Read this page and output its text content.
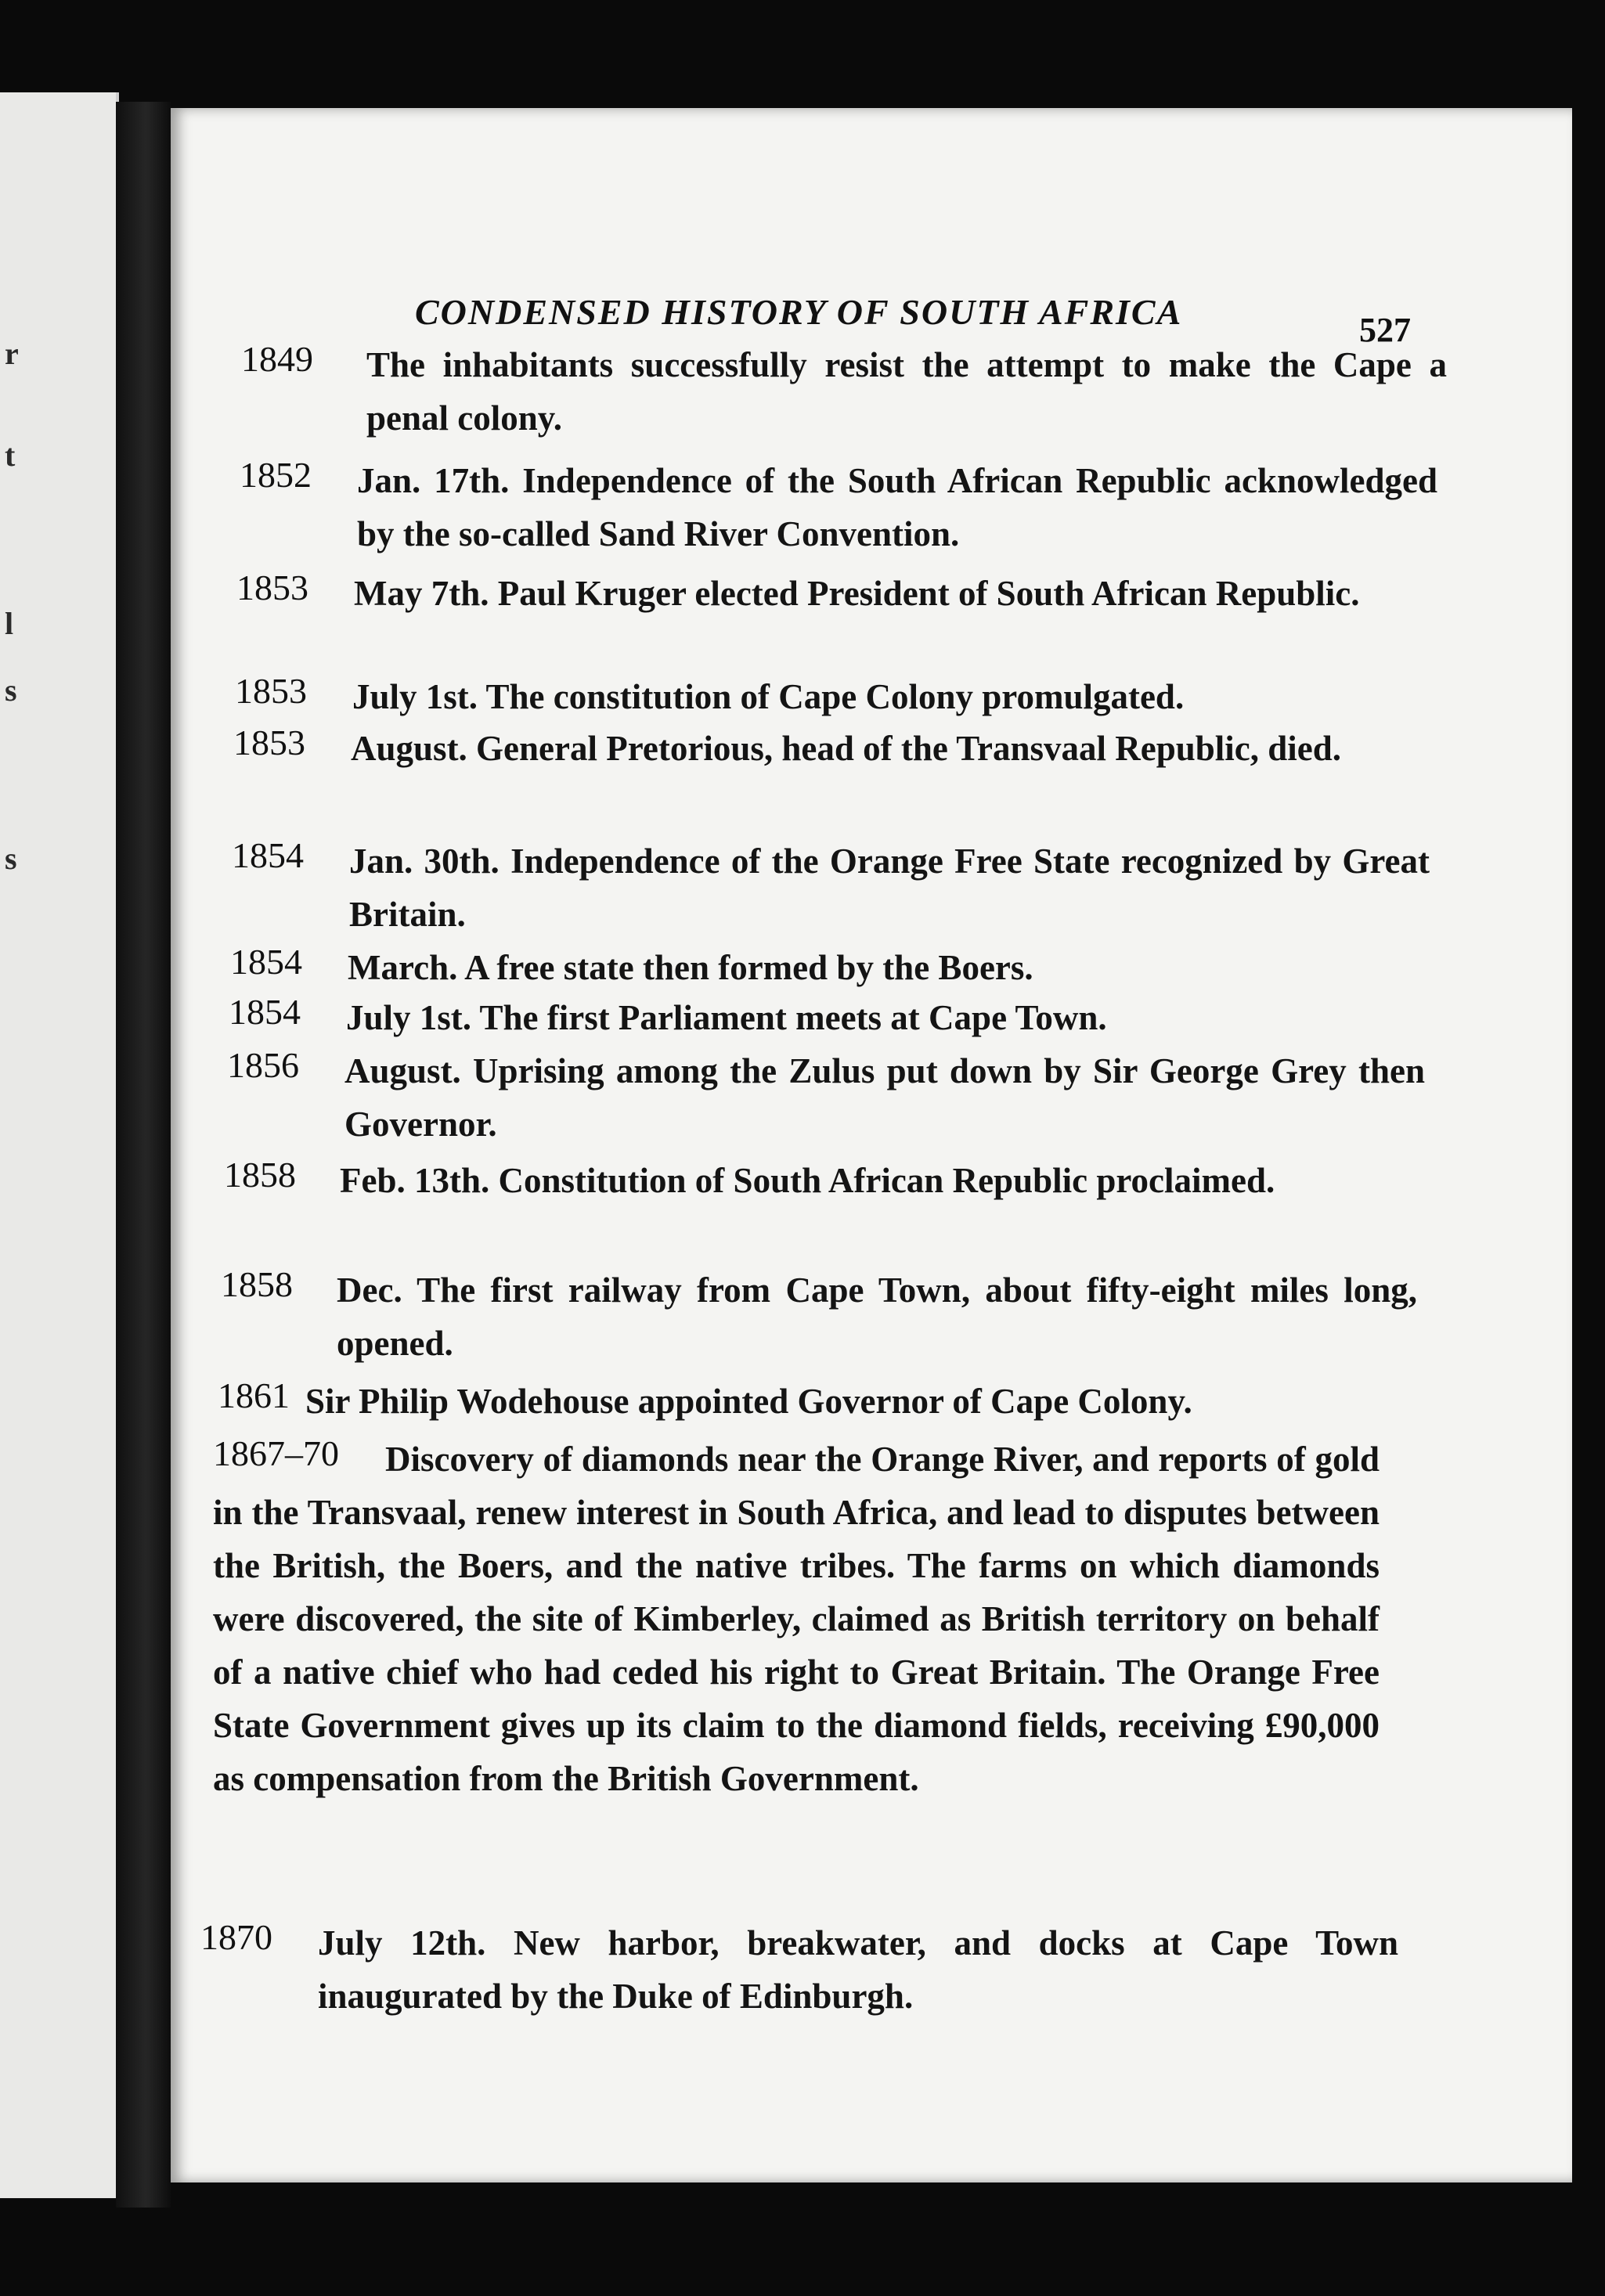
r
t
l
s
s
CONDENSED HISTORY OF SOUTH AFRICA	527
1849 The inhabitants successfully resist the attempt to make the Cape a penal colony.
1852 Jan. 17th. Independence of the South African Republic acknowledged by the so-called Sand River Convention.
1853 May 7th. Paul Kruger elected President of South African Republic.
1853 July 1st. The constitution of Cape Colony promulgated.
1853 August. General Pretorious, head of the Transvaal Republic, died.
1854 Jan. 30th. Independence of the Orange Free State recognized by Great Britain.
1854 March. A free state then formed by the Boers.
1854 July 1st. The first Parliament meets at Cape Town.
1856 August. Uprising among the Zulus put down by Sir George Grey then Governor.
1858 Feb. 13th. Constitution of South African Republic proclaimed.
1858 Dec. The first railway from Cape Town, about fifty-eight miles long, opened.
1861 Sir Philip Wodehouse appointed Governor of Cape Colony.
1867–70	Discovery of diamonds near the Orange River, and reports of gold in the Transvaal, renew interest in South Africa, and lead to disputes between the British, the Boers, and the native tribes. The farms on which diamonds were discovered, the site of Kimberley, claimed as British territory on behalf of a native chief who had ceded his right to Great Britain. The Orange Free State Government gives up its claim to the diamond fields, receiving £90,000 as compensation from the British Government.
1870 July 12th. New harbor, breakwater, and docks at Cape Town inaugurated by the Duke of Edinburgh.
